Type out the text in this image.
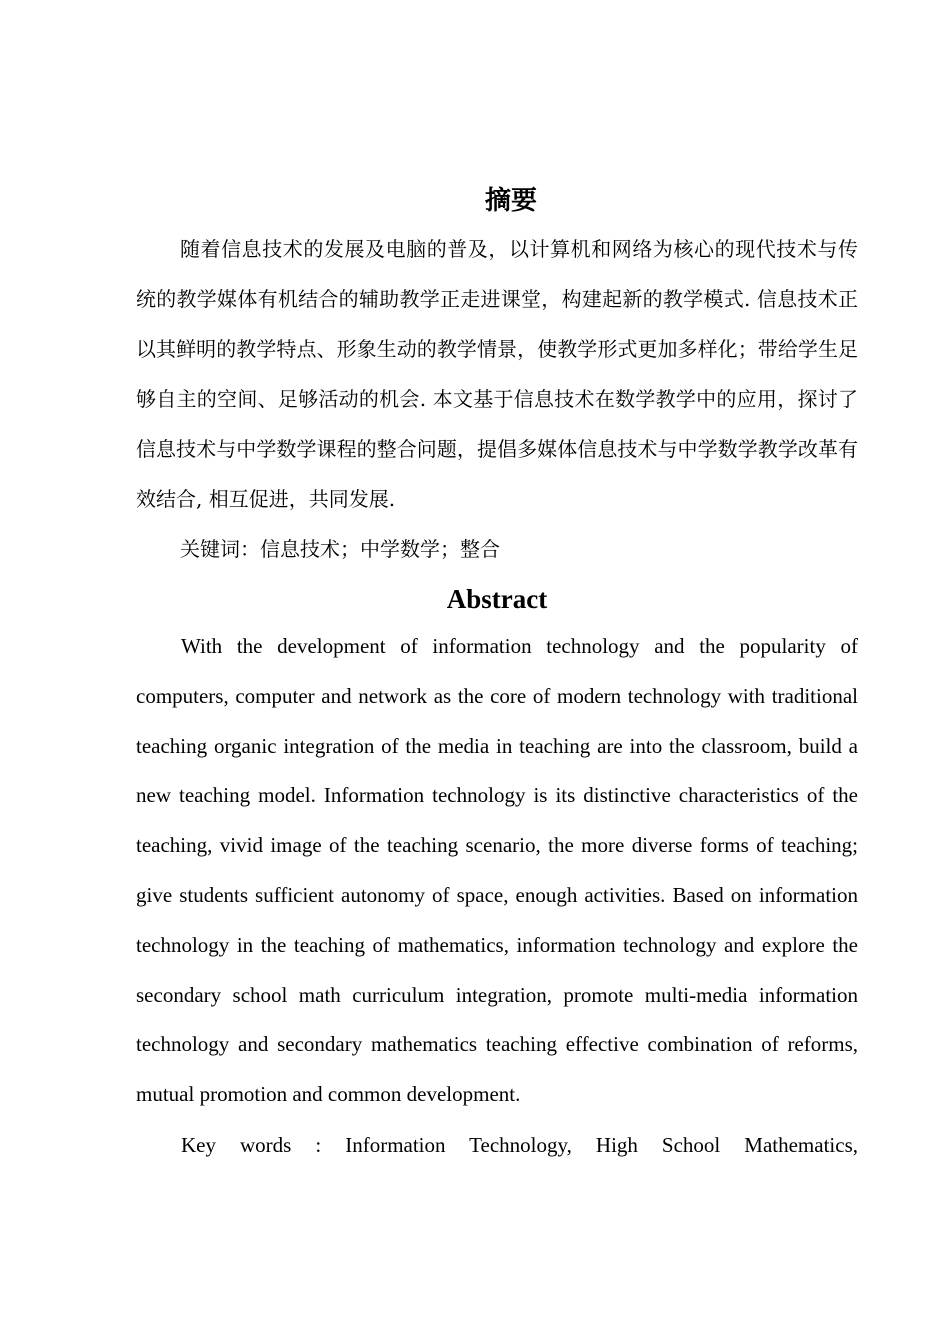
摘要

随着信息技术的发展及电脑的普及，以计算机和网络为核心的现代技术与传统的教学媒体有机结合的辅助教学正走进课堂，构建起新的教学模式. 信息技术正以其鲜明的教学特点、形象生动的教学情景，使教学形式更加多样化；带给学生足够自主的空间、足够活动的机会. 本文基于信息技术在数学教学中的应用，探讨了信息技术与中学数学课程的整合问题，提倡多媒体信息技术与中学数学教学改革有效结合, 相互促进，共同发展.

关键词：信息技术；中学数学；整合

Abstract

With the development of information technology and the popularity of computers, computer and network as the core of modern technology with traditional teaching organic integration of the media in teaching are into the classroom, build a new teaching model. Information technology is its distinctive characteristics of the teaching, vivid image of the teaching scenario, the more diverse forms of teaching; give students sufficient autonomy of space, enough activities. Based on information technology in the teaching of mathematics, information technology and explore the secondary school math curriculum integration, promote multi-media information technology and secondary mathematics teaching effective combination of reforms, mutual promotion and common development.

Key words : Information Technology, High School Mathematics,
